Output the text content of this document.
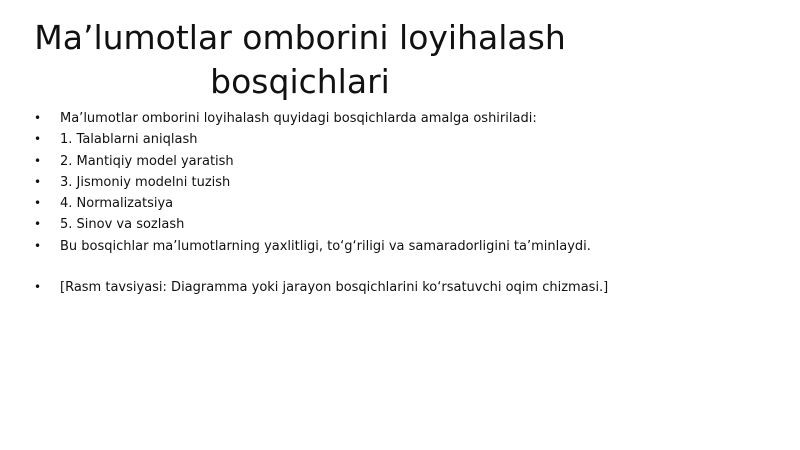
Ma’lumotlar omborini loyihalash
bosqichlari
• Ma’lumotlar omborini loyihalash quyidagi bosqichlarda amalga oshiriladi:
• 1. Talablarni aniqlash
• 2. Mantiqiy model yaratish
• 3. Jismoniy modelni tuzish
• 4. Normalizatsiya
• 5. Sinov va sozlash
• Bu bosqichlar ma’lumotlarning yaxlitligi, to‘g‘riligi va samaradorligini ta’minlaydi.
• [Rasm tavsiyasi: Diagramma yoki jarayon bosqichlarini ko‘rsatuvchi oqim chizmasi.]
